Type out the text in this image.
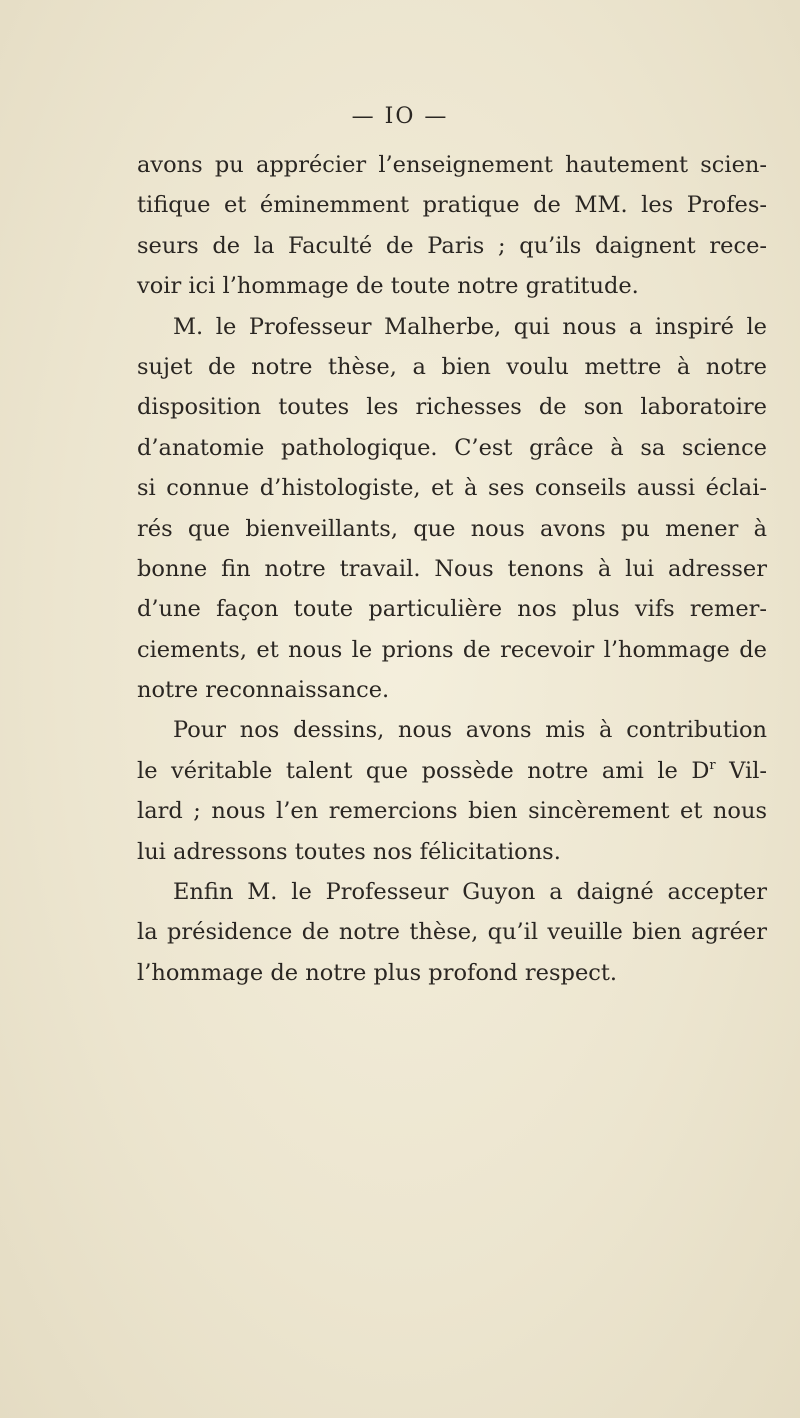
— IO —
avons pu apprécier l’enseignement hautement scien-
tifique et éminemment pratique de MM. les Profes-
seurs de la Faculté de Paris ; qu’ils daignent rece-
voir ici l’hommage de toute notre gratitude.
M. le Professeur Malherbe, qui nous a inspiré le
sujet de notre thèse, a bien voulu mettre à notre
disposition toutes les richesses de son laboratoire
d’anatomie pathologique. C’est grâce à sa science
si connue d’histologiste, et à ses conseils aussi éclai-
rés que bienveillants, que nous avons pu mener à
bonne fin notre travail. Nous tenons à lui adresser
d’une façon toute particulière nos plus vifs remer-
ciements, et nous le prions de recevoir l’hommage de
notre reconnaissance.
Pour nos dessins, nous avons mis à contribution
le véritable talent que possède notre ami le $D^r$ Vil-
lard ; nous l’en remercions bien sincèrement et nous
lui adressons toutes nos félicitations.
Enfin M. le Professeur Guyon a daigné accepter
la présidence de notre thèse, qu’il veuille bien agréer
l’hommage de notre plus profond respect.
